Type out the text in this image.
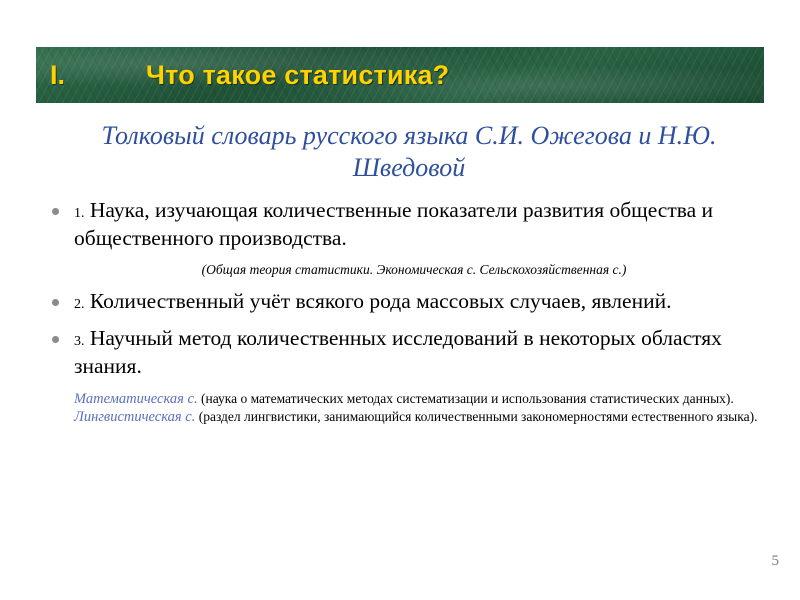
I.	Что такое статистика?

Толковый словарь русского языка С.И. Ожегова и Н.Ю. Шведовой

1. Наука, изучающая количественные показатели развития общества и общественного производства.
(Общая теория статистики. Экономическая с. Сельскохозяйственная с.)
2. Количественный учёт всякого рода массовых случаев, явлений.
3. Научный метод количественных исследований в некоторых областях знания.

Математическая с. (наука о математических методах систематизации и использования статистических данных). Лингвистическая с. (раздел лингвистики, занимающийся количественными закономерностями естественного языка).

5
